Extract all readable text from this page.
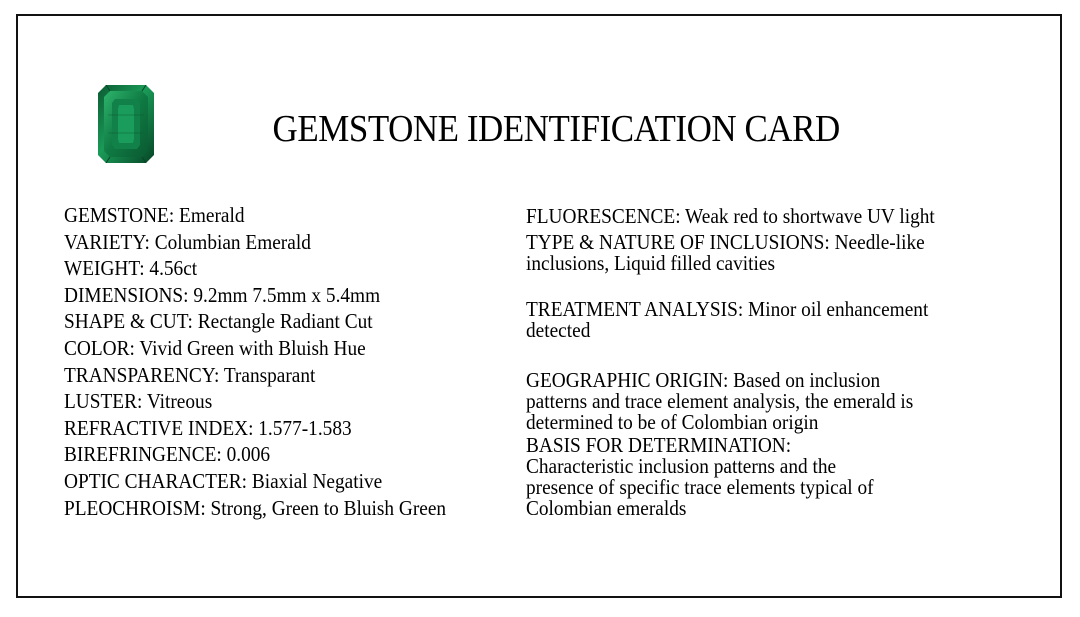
GEMSTONE IDENTIFICATION CARD
GEMSTONE: Emerald
VARIETY: Columbian Emerald
WEIGHT: 4.56ct
DIMENSIONS: 9.2mm 7.5mm x 5.4mm
SHAPE & CUT: Rectangle Radiant Cut
COLOR: Vivid Green with Bluish Hue
TRANSPARENCY: Transparant
LUSTER: Vitreous
REFRACTIVE INDEX: 1.577-1.583
BIREFRINGENCE: 0.006
OPTIC CHARACTER: Biaxial Negative
PLEOCHROISM: Strong, Green to Bluish Green
FLUORESCENCE: Weak red to shortwave UV light
TYPE & NATURE OF INCLUSIONS: Needle-like
inclusions, Liquid filled cavities
TREATMENT ANALYSIS: Minor oil enhancement
detected
GEOGRAPHIC ORIGIN: Based on inclusion
patterns and trace element analysis, the emerald is
determined to be of Colombian origin
BASIS FOR DETERMINATION:
Characteristic inclusion patterns and the
presence of specific trace elements typical of
Colombian emeralds
